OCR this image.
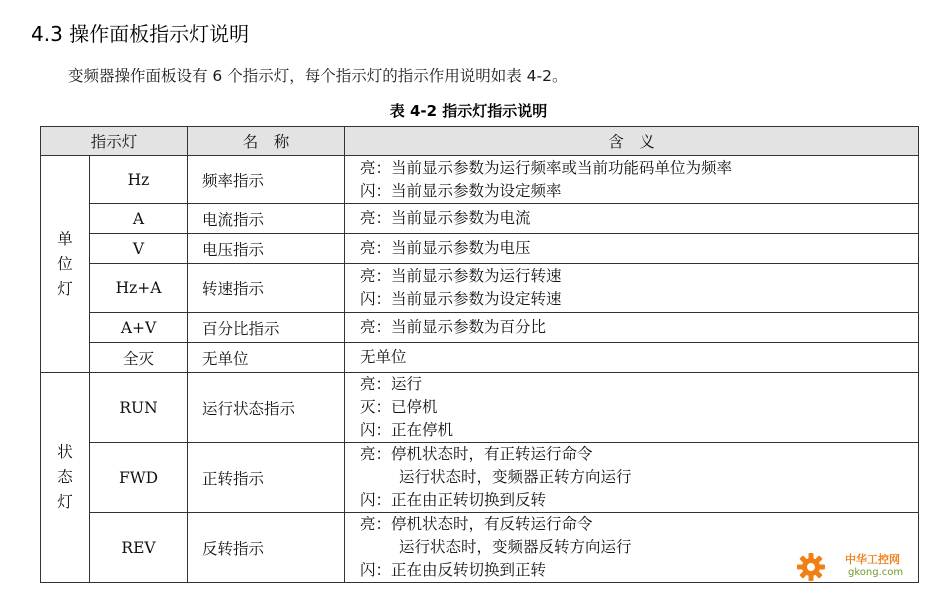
4.3 操作面板指示灯说明
变频器操作面板设有 6 个指示灯，每个指示灯的指示作用说明如表 4-2。
表 4-2 指示灯指示说明
指示灯		名　称	含　义

单
位
灯	Hz	频率指示	亮：当前显示参数为运行频率或当前功能码单位为频率
闪：当前显示参数为设定频率

	A	电流指示	亮：当前显示参数为电流

	V	电压指示	亮：当前显示参数为电压

	Hz+A	转速指示	亮：当前显示参数为运行转速
闪：当前显示参数为设定转速

	A+V	百分比指示	亮：当前显示参数为百分比

	全灭	无单位	无单位

状
态
灯	RUN	运行状态指示	亮：运行
灭：已停机
闪：正在停机

	FWD	正转指示	亮：停机状态时，有正转运行命令
运行状态时，变频器正转方向运行
闪：正在由正转切换到反转

	REV	反转指示	亮：停机状态时，有反转运行命令
运行状态时，变频器反转方向运行
闪：正在由反转切换到正转
中华工控网
gkong.com
